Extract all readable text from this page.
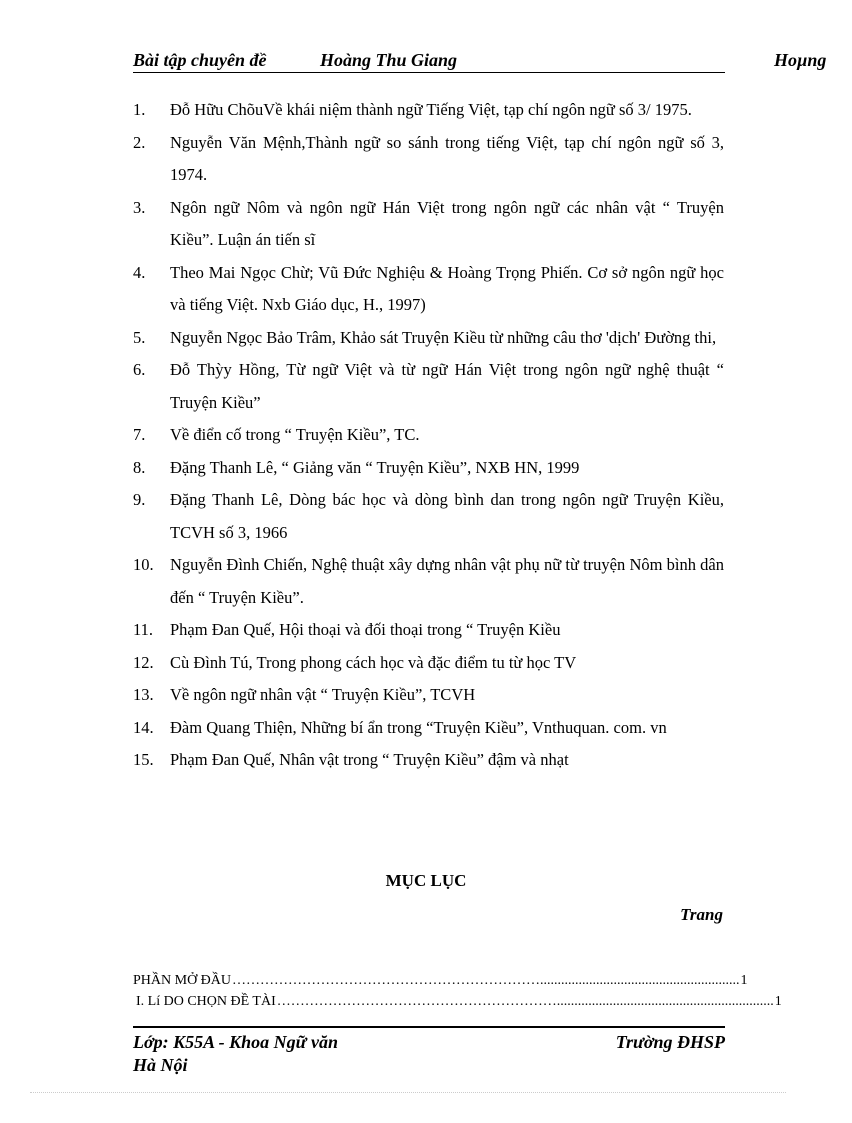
Bài tập chuyên đề	Hoàng Thu Giang	Hoµng
1. Đỗ Hữu ChõuVề khái niệm thành ngữ Tiếng Việt, tạp chí ngôn ngữ số 3/ 1975.
2. Nguyễn Văn Mệnh,Thành ngữ so sánh trong tiếng Việt, tạp chí ngôn ngữ số 3, 1974.
3. Ngôn ngữ Nôm và ngôn ngữ Hán Việt trong ngôn ngữ các nhân vật “ Truyện Kiều”. Luận án tiến sĩ
4. Theo Mai Ngọc Chừ; Vũ Đức Nghiệu & Hoàng Trọng Phiến. Cơ sở ngôn ngữ học và tiếng Việt. Nxb Giáo dục, H., 1997)
5. Nguyễn Ngọc Bảo Trâm, Khảo sát Truyện Kiều từ những câu thơ 'dịch' Đường thi,
6. Đỗ Thỳy Hồng, Từ ngữ Việt và từ ngữ Hán Việt trong ngôn ngữ nghệ thuật “ Truyện Kiều”
7. Về điển cố trong “ Truyện Kiều”, TC.
8. Đặng Thanh Lê, “ Giảng văn “ Truyện Kiều”, NXB HN, 1999
9. Đặng Thanh Lê, Dòng bác học và dòng bình dan trong ngôn ngữ Truyện Kiều, TCVH số 3, 1966
10. Nguyễn Đình Chiến, Nghệ thuật xây dựng nhân vật phụ nữ từ truyện Nôm bình dân đến “ Truyện Kiều”.
11. Phạm Đan Quế, Hội thoại và đối thoại trong “ Truyện Kiều
12. Cù Đình Tú, Trong phong cách học và đặc điểm tu từ học TV
13. Về ngôn ngữ nhân vật “ Truyện Kiều”, TCVH
14. Đàm Quang Thiện, Những bí ẩn trong “Truyện Kiều”, Vnthuquan. com. vn
15. Phạm Đan Quế, Nhân vật trong “ Truyện Kiều” đậm và nhạt
MỤC LỤC
Trang
PHẦN MỞ ĐẦU …………………………………………………………......................................................... 1
I. Lí DO CHỌN ĐỀ TÀI …………………………………………………….............................................................. 1
Lớp: K55A - Khoa Ngữ văn	Trường ĐHSP
Hà Nội
